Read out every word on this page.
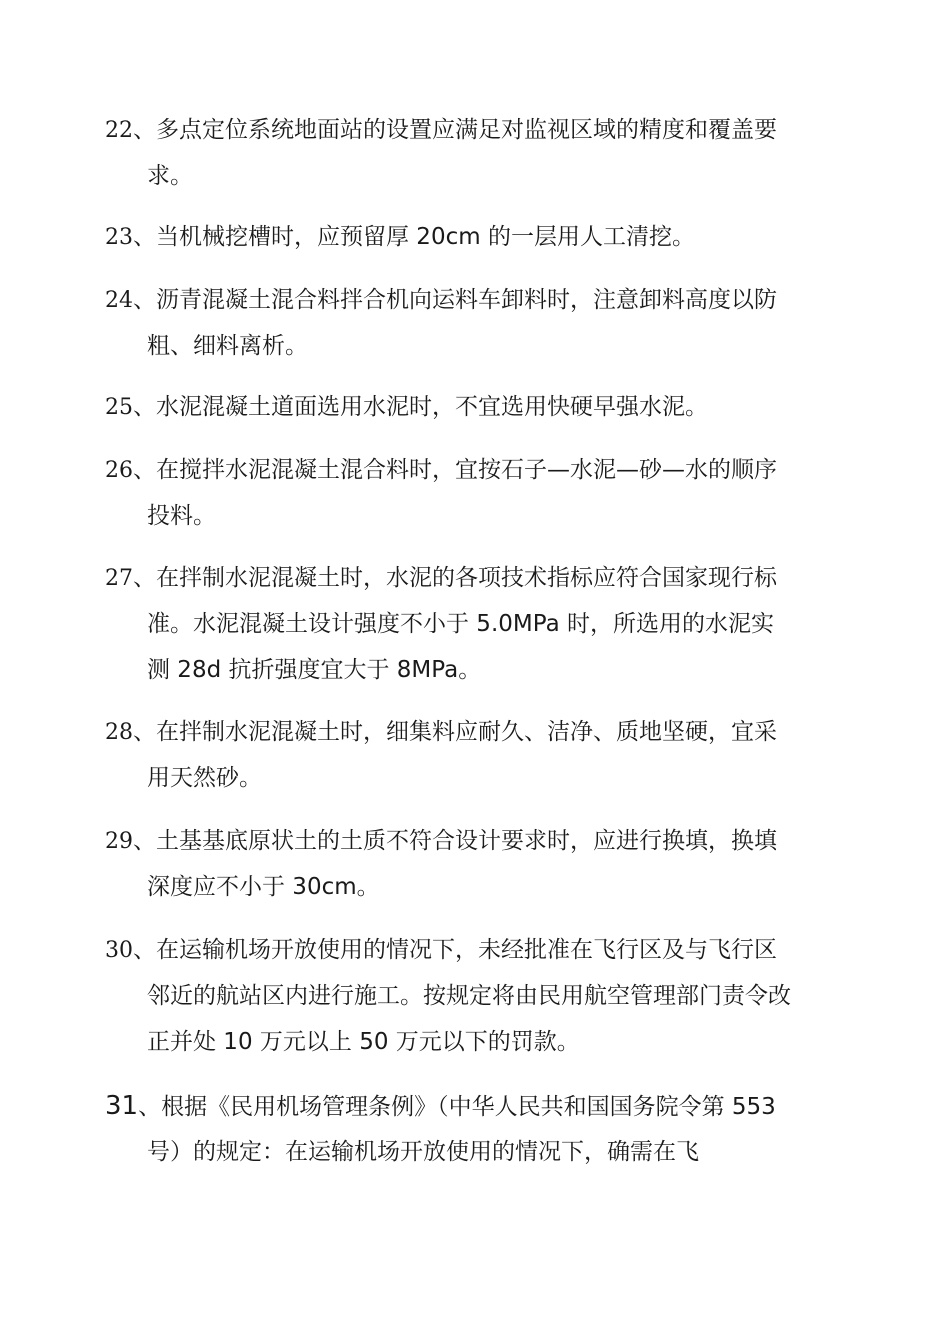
22、多点定位系统地面站的设置应满足对监视区域的精度和覆盖要
求。
23、当机械挖槽时，应预留厚 20cm 的一层用人工清挖。
24、沥青混凝土混合料拌合机向运料车卸料时，注意卸料高度以防
粗、细料离析。
25、水泥混凝土道面选用水泥时，不宜选用快硬早强水泥。
26、在搅拌水泥混凝土混合料时，宜按石子—水泥—砂—水的顺序
投料。
27、在拌制水泥混凝土时，水泥的各项技术指标应符合国家现行标
准。水泥混凝土设计强度不小于 5.0MPa 时，所选用的水泥实
测 28d 抗折强度宜大于 8MPa。
28、在拌制水泥混凝土时，细集料应耐久、洁净、质地坚硬，宜采
用天然砂。
29、土基基底原状土的土质不符合设计要求时，应进行换填，换填
深度应不小于 30cm。
30、在运输机场开放使用的情况下，未经批准在飞行区及与飞行区
邻近的航站区内进行施工。按规定将由民用航空管理部门责令改
正并处 10 万元以上 50 万元以下的罚款。
31、根据《民用机场管理条例》（中华人民共和国国务院令第 553
号）的规定：在运输机场开放使用的情况下，确需在飞
